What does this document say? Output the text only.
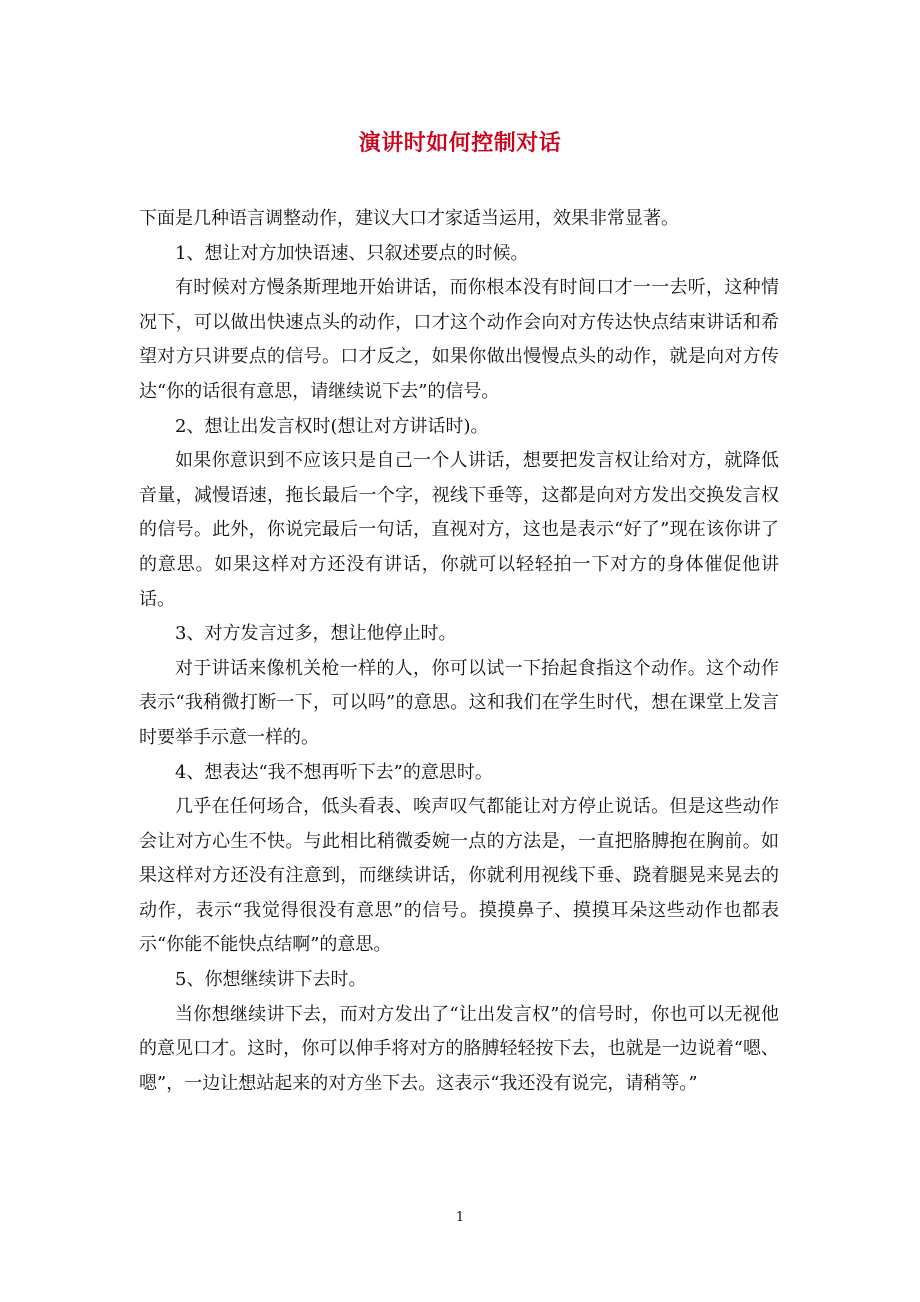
演讲时如何控制对话

下面是几种语言调整动作，建议大口才家适当运用，效果非常显著。

1、想让对方加快语速、只叙述要点的时候。

有时候对方慢条斯理地开始讲话，而你根本没有时间口才一一去听，这种情况下，可以做出快速点头的动作，口才这个动作会向对方传达快点结束讲话和希望对方只讲要点的信号。口才反之，如果你做出慢慢点头的动作，就是向对方传达“你的话很有意思，请继续说下去”的信号。

2、想让出发言权时(想让对方讲话时)。

如果你意识到不应该只是自己一个人讲话，想要把发言权让给对方，就降低音量，减慢语速，拖长最后一个字，视线下垂等，这都是向对方发出交换发言权的信号。此外，你说完最后一句话，直视对方，这也是表示“好了”现在该你讲了的意思。如果这样对方还没有讲话，你就可以轻轻拍一下对方的身体催促他讲话。

3、对方发言过多，想让他停止时。

对于讲话来像机关枪一样的人，你可以试一下抬起食指这个动作。这个动作表示“我稍微打断一下，可以吗”的意思。这和我们在学生时代，想在课堂上发言时要举手示意一样的。

4、想表达“我不想再听下去”的意思时。

几乎在任何场合，低头看表、唉声叹气都能让对方停止说话。但是这些动作会让对方心生不快。与此相比稍微委婉一点的方法是，一直把胳膊抱在胸前。如果这样对方还没有注意到，而继续讲话，你就利用视线下垂、跷着腿晃来晃去的动作，表示“我觉得很没有意思”的信号。摸摸鼻子、摸摸耳朵这些动作也都表示“你能不能快点结啊”的意思。

5、你想继续讲下去时。

当你想继续讲下去，而对方发出了“让出发言权”的信号时，你也可以无视他的意见口才。这时，你可以伸手将对方的胳膊轻轻按下去，也就是一边说着“嗯、嗯”，一边让想站起来的对方坐下去。这表示“我还没有说完，请稍等。”

1
